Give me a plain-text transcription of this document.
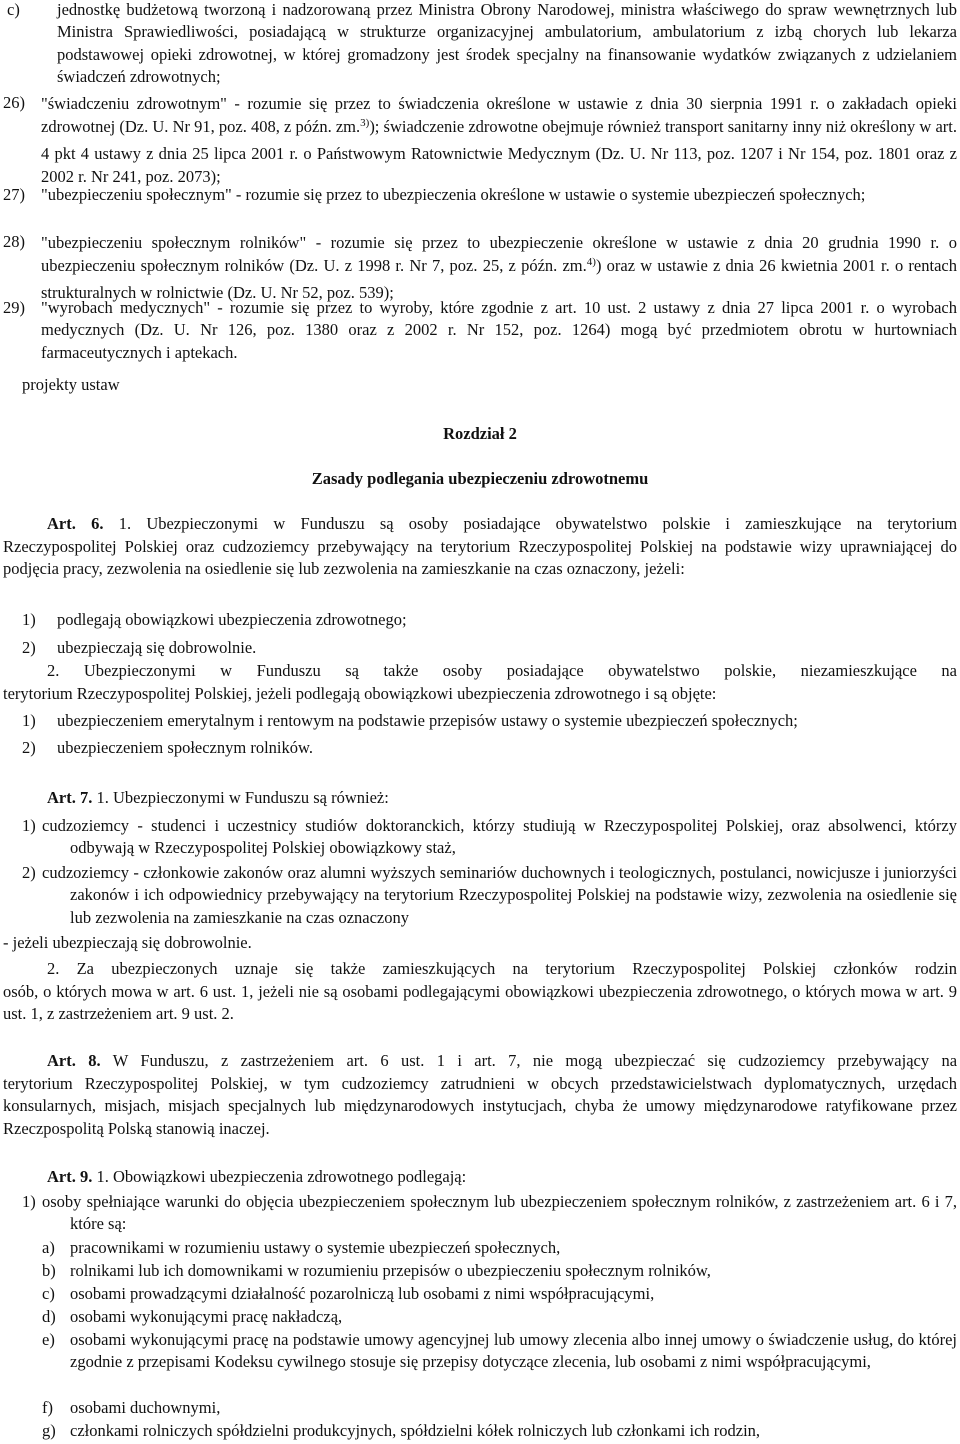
c) jednostkę budżetową tworzoną i nadzorowaną przez Ministra Obrony Narodowej, ministra właściwego do spraw wewnętrznych lub Ministra Sprawiedliwości, posiadającą w strukturze organizacyjnej ambulatorium, ambulatorium z izbą chorych lub lekarza podstawowej opieki zdrowotnej, w której gromadzony jest środek specjalny na finansowanie wydatków związanych z udzielaniem świadczeń zdrowotnych;
26) "świadczeniu zdrowotnym" - rozumie się przez to świadczenia określone w ustawie z dnia 30 sierpnia 1991 r. o zakładach opieki zdrowotnej (Dz. U. Nr 91, poz. 408, z późn. zm.$^{3)}$); świadczenie zdrowotne obejmuje również transport sanitarny inny niż określony w art. 4 pkt 4 ustawy z dnia 25 lipca 2001 r. o Państwowym Ratownictwie Medycznym (Dz. U. Nr 113, poz. 1207 i Nr 154, poz. 1801 oraz z 2002 r. Nr 241, poz. 2073);
27) "ubezpieczeniu społecznym" - rozumie się przez to ubezpieczenia określone w ustawie o systemie ubezpieczeń społecznych;
28) "ubezpieczeniu społecznym rolników" - rozumie się przez to ubezpieczenie określone w ustawie z dnia 20 grudnia 1990 r. o ubezpieczeniu społecznym rolników (Dz. U. z 1998 r. Nr 7, poz. 25, z późn. zm.$^{4)}$) oraz w ustawie z dnia 26 kwietnia 2001 r. o rentach strukturalnych w rolnictwie (Dz. U. Nr 52, poz. 539);
29) "wyrobach medycznych" - rozumie się przez to wyroby, które zgodnie z art. 10 ust. 2 ustawy z dnia 27 lipca 2001 r. o wyrobach medycznych (Dz. U. Nr 126, poz. 1380 oraz z 2002 r. Nr 152, poz. 1264) mogą być przedmiotem obrotu w hurtowniach farmaceutycznych i aptekach.
projekty ustaw
Rozdział 2
Zasady podlegania ubezpieczeniu zdrowotnemu
Art. 6. 1. Ubezpieczonymi w Funduszu są osoby posiadające obywatelstwo polskie i zamieszkujące na terytorium
Rzeczypospolitej Polskiej oraz cudzoziemcy przebywający na terytorium Rzeczypospolitej Polskiej na podstawie wizy uprawniającej do podjęcia pracy, zezwolenia na osiedlenie się lub zezwolenia na zamieszkanie na czas oznaczony, jeżeli:
1) podlegają obowiązkowi ubezpieczenia zdrowotnego;
2) ubezpieczają się dobrowolnie.
2. Ubezpieczonymi w Funduszu są także osoby posiadające obywatelstwo polskie, niezamieszkujące na
terytorium Rzeczypospolitej Polskiej, jeżeli podlegają obowiązkowi ubezpieczenia zdrowotnego i są objęte:
1) ubezpieczeniem emerytalnym i rentowym na podstawie przepisów ustawy o systemie ubezpieczeń społecznych;
2) ubezpieczeniem społecznym rolników.
Art. 7. 1. Ubezpieczonymi w Funduszu są również:
1) cudzoziemcy - studenci i uczestnicy studiów doktoranckich, którzy studiują w Rzeczypospolitej Polskiej, oraz absolwenci, którzy odbywają w Rzeczypospolitej Polskiej obowiązkowy staż,
2) cudzoziemcy - członkowie zakonów oraz alumni wyższych seminariów duchownych i teologicznych, postulanci, nowicjusze i juniorzyści zakonów i ich odpowiednicy przebywający na terytorium Rzeczypospolitej Polskiej na podstawie wizy, zezwolenia na osiedlenie się lub zezwolenia na zamieszkanie na czas oznaczony
- jeżeli ubezpieczają się dobrowolnie.
2. Za ubezpieczonych uznaje się także zamieszkujących na terytorium Rzeczypospolitej Polskiej członków rodzin
osób, o których mowa w art. 6 ust. 1, jeżeli nie są osobami podlegającymi obowiązkowi ubezpieczenia zdrowotnego, o których mowa w art. 9 ust. 1, z zastrzeżeniem art. 9 ust. 2.
Art. 8. W Funduszu, z zastrzeżeniem art. 6 ust. 1 i art. 7, nie mogą ubezpieczać się cudzoziemcy przebywający na
terytorium Rzeczypospolitej Polskiej, w tym cudzoziemcy zatrudnieni w obcych przedstawicielstwach dyplomatycznych, urzędach konsularnych, misjach, misjach specjalnych lub międzynarodowych instytucjach, chyba że umowy międzynarodowe ratyfikowane przez Rzeczpospolitą Polską stanowią inaczej.
Art. 9. 1. Obowiązkowi ubezpieczenia zdrowotnego podlegają:
1) osoby spełniające warunki do objęcia ubezpieczeniem społecznym lub ubezpieczeniem społecznym rolników, z zastrzeżeniem art. 6 i 7, które są:
a) pracownikami w rozumieniu ustawy o systemie ubezpieczeń społecznych,
b) rolnikami lub ich domownikami w rozumieniu przepisów o ubezpieczeniu społecznym rolników,
c) osobami prowadzącymi działalność pozarolniczą lub osobami z nimi współpracującymi,
d) osobami wykonującymi pracę nakładczą,
e) osobami wykonującymi pracę na podstawie umowy agencyjnej lub umowy zlecenia albo innej umowy o świadczenie usług, do której zgodnie z przepisami Kodeksu cywilnego stosuje się przepisy dotyczące zlecenia, lub osobami z nimi współpracującymi,
f) osobami duchownymi,
g) członkami rolniczych spółdzielni produkcyjnych, spółdzielni kółek rolniczych lub członkami ich rodzin,
